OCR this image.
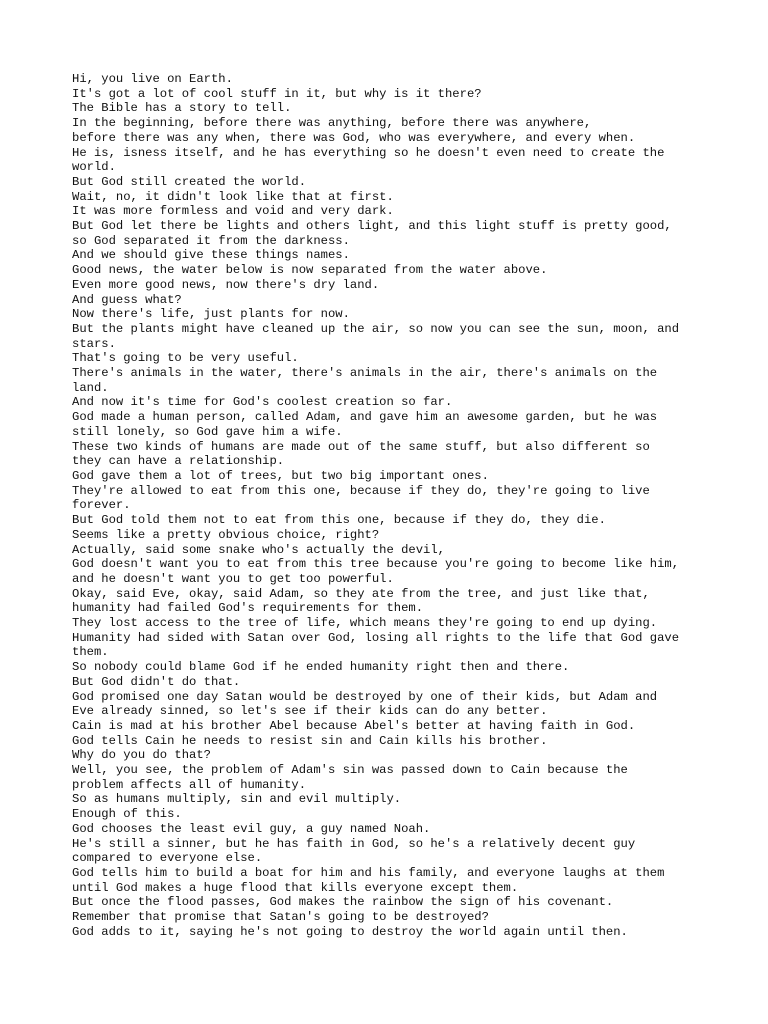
Hi, you live on Earth.
It's got a lot of cool stuff in it, but why is it there?
The Bible has a story to tell.
In the beginning, before there was anything, before there was anywhere,
before there was any when, there was God, who was everywhere, and every when.
He is, isness itself, and he has everything so he doesn't even need to create the
world.
But God still created the world.
Wait, no, it didn't look like that at first.
It was more formless and void and very dark.
But God let there be lights and others light, and this light stuff is pretty good,
so God separated it from the darkness.
And we should give these things names.
Good news, the water below is now separated from the water above.
Even more good news, now there's dry land.
And guess what?
Now there's life, just plants for now.
But the plants might have cleaned up the air, so now you can see the sun, moon, and
stars.
That's going to be very useful.
There's animals in the water, there's animals in the air, there's animals on the
land.
And now it's time for God's coolest creation so far.
God made a human person, called Adam, and gave him an awesome garden, but he was
still lonely, so God gave him a wife.
These two kinds of humans are made out of the same stuff, but also different so
they can have a relationship.
God gave them a lot of trees, but two big important ones.
They're allowed to eat from this one, because if they do, they're going to live
forever.
But God told them not to eat from this one, because if they do, they die.
Seems like a pretty obvious choice, right?
Actually, said some snake who's actually the devil,
God doesn't want you to eat from this tree because you're going to become like him,
and he doesn't want you to get too powerful.
Okay, said Eve, okay, said Adam, so they ate from the tree, and just like that,
humanity had failed God's requirements for them.
They lost access to the tree of life, which means they're going to end up dying.
Humanity had sided with Satan over God, losing all rights to the life that God gave
them.
So nobody could blame God if he ended humanity right then and there.
But God didn't do that.
God promised one day Satan would be destroyed by one of their kids, but Adam and
Eve already sinned, so let's see if their kids can do any better.
Cain is mad at his brother Abel because Abel's better at having faith in God.
God tells Cain he needs to resist sin and Cain kills his brother.
Why do you do that?
Well, you see, the problem of Adam's sin was passed down to Cain because the
problem affects all of humanity.
So as humans multiply, sin and evil multiply.
Enough of this.
God chooses the least evil guy, a guy named Noah.
He's still a sinner, but he has faith in God, so he's a relatively decent guy
compared to everyone else.
God tells him to build a boat for him and his family, and everyone laughs at them
until God makes a huge flood that kills everyone except them.
But once the flood passes, God makes the rainbow the sign of his covenant.
Remember that promise that Satan's going to be destroyed?
God adds to it, saying he's not going to destroy the world again until then.
